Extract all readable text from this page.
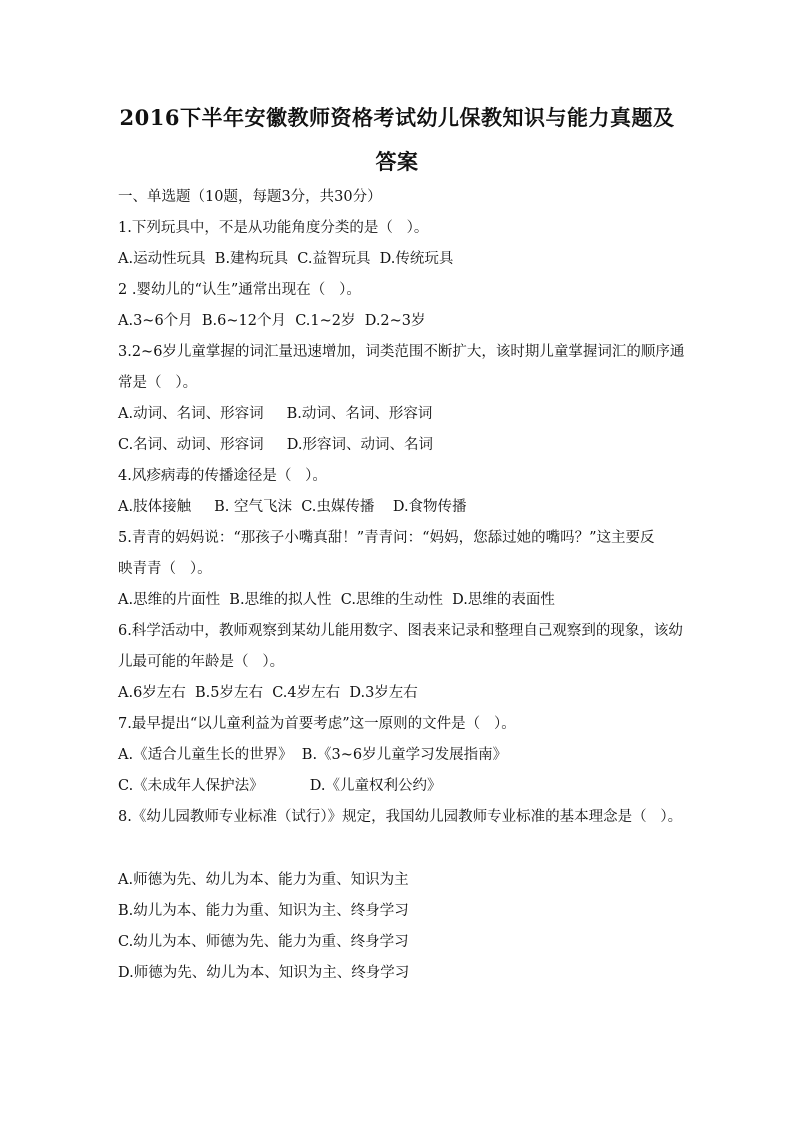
2016下半年安徽教师资格考试幼儿保教知识与能力真题及
答案
一、单选题（10题，每题3分，共30分）
1.下列玩具中，不是从功能角度分类的是（   ）。
A.运动性玩具  B.建构玩具  C.益智玩具  D.传统玩具
2 .婴幼儿的“认生”通常出现在（   ）。
A.3~6个月  B.6~12个月  C.1~2岁  D.2~3岁
3.2~6岁儿童掌握的词汇量迅速增加，词类范围不断扩大，该时期儿童掌握词汇的顺序通
常是（   ）。
A.动词、名词、形容词     B.动词、名词、形容词
C.名词、动词、形容词     D.形容词、动词、名词
4.风疹病毒的传播途径是（   ）。
A.肢体接触     B. 空气飞沫  C.虫媒传播    D.食物传播
5.青青的妈妈说：“那孩子小嘴真甜！”青青问：“妈妈，您舔过她的嘴吗？”这主要反
映青青（   ）。
A.思维的片面性  B.思维的拟人性  C.思维的生动性  D.思维的表面性
6.科学活动中，教师观察到某幼儿能用数字、图表来记录和整理自己观察到的现象，该幼
儿最可能的年龄是（   ）。
A.6岁左右  B.5岁左右  C.4岁左右  D.3岁左右
7.最早提出“以儿童利益为首要考虑”这一原则的文件是（   ）。
A.《适合儿童生长的世界》  B.《3~6岁儿童学习发展指南》
C.《未成年人保护法》          D.《儿童权利公约》
8.《幼儿园教师专业标准（试行）》规定，我国幼儿园教师专业标准的基本理念是（   ）。
A.师德为先、幼儿为本、能力为重、知识为主
B.幼儿为本、能力为重、知识为主、终身学习
C.幼儿为本、师德为先、能力为重、终身学习
D.师德为先、幼儿为本、知识为主、终身学习
